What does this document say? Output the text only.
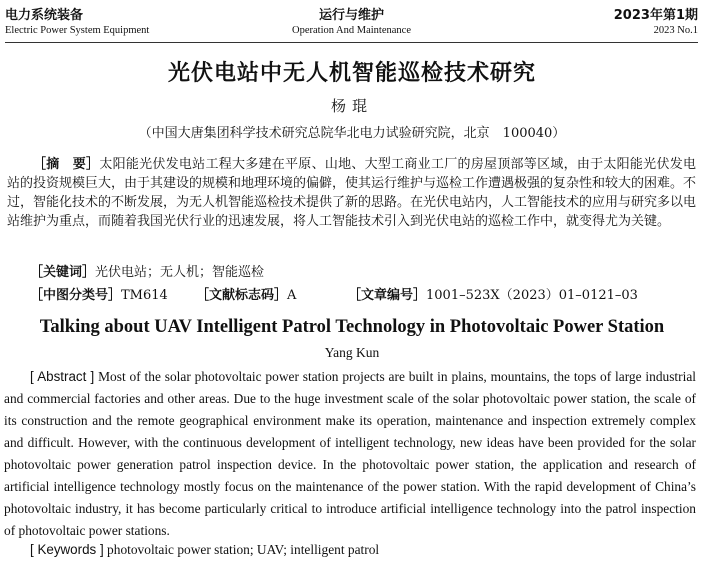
电力系统装备
Electric Power System Equipment
运行与维护
Operation And Maintenance
2023年第1期
2023 No.1
光伏电站中无人机智能巡检技术研究
杨琨
（中国大唐集团科学技术研究总院华北电力试验研究院，北京　100040）
［摘　要］太阳能光伏发电站工程大多建在平原、山地、大型工商业工厂的房屋顶部等区域，由于太阳能光伏发电站的投资规模巨大，由于其建设的规模和地理环境的偏僻，使其运行维护与巡检工作遭遇极强的复杂性和较大的困难。不过，智能化技术的不断发展，为无人机智能巡检技术提供了新的思路。在光伏电站内，人工智能技术的应用与研究多以电站维护为重点，而随着我国光伏行业的迅速发展，将人工智能技术引入到光伏电站的巡检工作中，就变得尤为关键。
［关键词］光伏电站；无人机；智能巡检
［中图分类号］TM614 ［文献标志码］A	［文章编号］1001–523X（2023）01–0121–03
Talking about UAV Intelligent Patrol Technology in Photovoltaic Power Station
Yang Kun
[ Abstract ] Most of the solar photovoltaic power station projects are built in plains, mountains, the tops of large industrial and commercial factories and other areas. Due to the huge investment scale of the solar photovoltaic power station, the scale of its construction and the remote geographical environment make its operation, maintenance and inspection extremely complex and difficult. However, with the continuous development of intelligent technology, new ideas have been provided for the solar photovoltaic power generation patrol inspection device. In the photovoltaic power station, the application and research of artificial intelligence technology mostly focus on the maintenance of the power station. With the rapid development of China’s photovoltaic industry, it has become particularly critical to introduce artificial intelligence technology into the patrol inspection of photovoltaic power stations.
[ Keywords ] photovoltaic power station; UAV; intelligent patrol
